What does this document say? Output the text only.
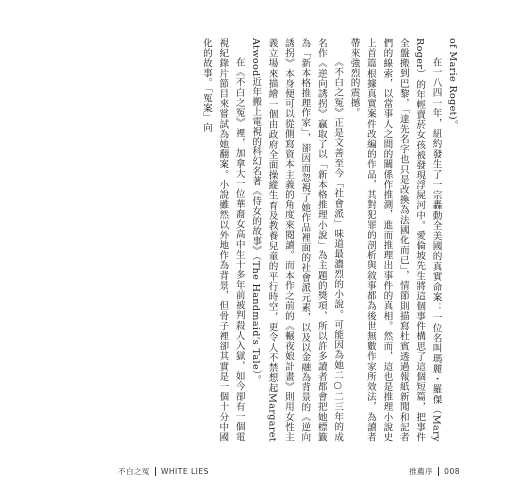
of Marie Roget)。

在一八四一年，紐約發生了一宗轟動全美國的真實命案：一位名叫瑪麗・羅傑（Mary Roger）的年輕賣菸女孩被發現浮屍河中。愛倫坡先生將這個事件構思了這個短篇，把事件全盤搬到巴黎，「達先名字也只是改換為法國化而已」，情節則描寫杜賓透過報紙新聞和記者們的線索，以當事人之間的關係作推測，進而推理出事件的真相。然而，這也是推理小說史上首篇根據真實案件改編的作品，其對犯罪的剖析與敘事都為後世無數作家所效法，為讀者帶來強烈的震撼。

《不白之冤》正是文善至今「社會派」味道最濃烈的小說。可能因為她二○二三年的成名作《逆向誘拐》贏取了以「新本格推理小說」為主題的獎項，所以許多讀者都會把她標籤為「新本格推理作家」，卻因而忽視了她作品裡面的社會派元素，以及以金融為背景的《逆向誘拐》本身便可以從側寫資本主義的角度來閱讀。而本作之前的《輾夜娘計畫》則用女性主義立場來描繪一個由政府全面操縱生育及教養兒童的平行時空，更令人不禁想起Margaret Atwood近年搬上電視的科幻名著《侍女的故事》（The Handmaid's Tale）。

在《不白之冤》裡，加拿大一位華裔女高中生十多年前被判殺人入獄，如今卻有一個電視紀錄片節目來嘗試為她翻案。小說雖然以外地作為背景，但骨子裡卻其實是一個十分中國化的故事。「冤案」向

不白之冤 WHITE LIES	推薦序 008
